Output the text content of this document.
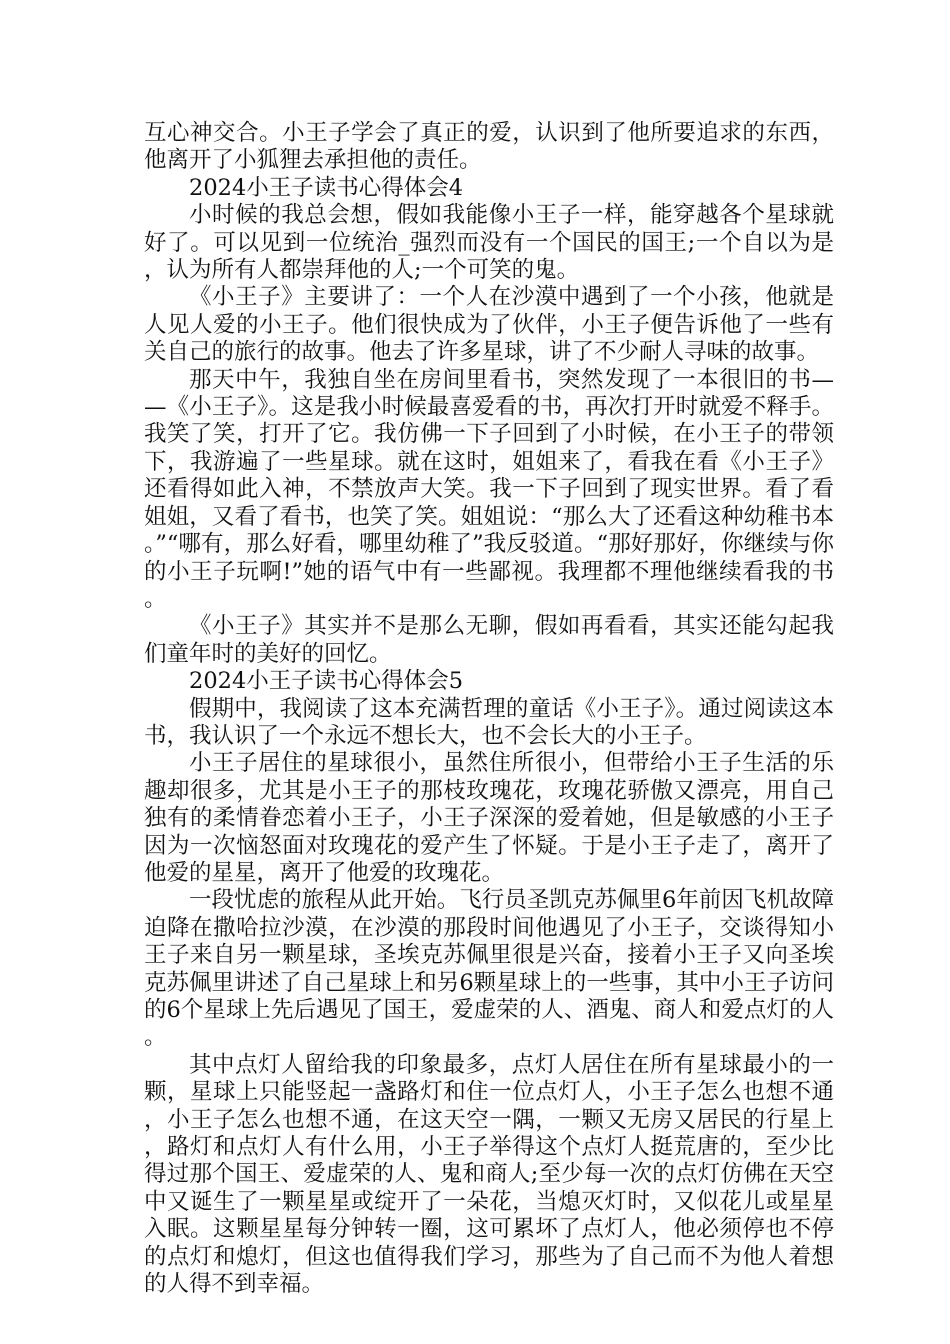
互心神交合。小王子学会了真正的爱，认识到了他所要追求的东西，他离开了小狐狸去承担他的责任。

2024小王子读书心得体会4

小时候的我总会想，假如我能像小王子一样，能穿越各个星球就好了。可以见到一位统治_强烈而没有一个国民的国王;一个自以为是，认为所有人都崇拜他的人;一个可笑的鬼。

《小王子》主要讲了：一个人在沙漠中遇到了一个小孩，他就是人见人爱的小王子。他们很快成为了伙伴，小王子便告诉他了一些有关自己的旅行的故事。他去了许多星球，讲了不少耐人寻味的故事。

那天中午，我独自坐在房间里看书，突然发现了一本很旧的书——《小王子》。这是我小时候最喜爱看的书，再次打开时就爱不释手。我笑了笑，打开了它。我仿佛一下子回到了小时候，在小王子的带领下，我游遍了一些星球。就在这时，姐姐来了，看我在看《小王子》还看得如此入神，不禁放声大笑。我一下子回到了现实世界。看了看姐姐，又看了看书，也笑了笑。姐姐说：“那么大了还看这种幼稚书本。”“哪有，那么好看，哪里幼稚了”我反驳道。“那好那好，你继续与你的小王子玩啊!”她的语气中有一些鄙视。我理都不理他继续看我的书。

《小王子》其实并不是那么无聊，假如再看看，其实还能勾起我们童年时的美好的回忆。

2024小王子读书心得体会5

假期中，我阅读了这本充满哲理的童话《小王子》。通过阅读这本书，我认识了一个永远不想长大，也不会长大的小王子。

小王子居住的星球很小，虽然住所很小，但带给小王子生活的乐趣却很多，尤其是小王子的那枝玫瑰花，玫瑰花骄傲又漂亮，用自己独有的柔情眷恋着小王子，小王子深深的爱着她，但是敏感的小王子因为一次恼怒面对玫瑰花的爱产生了怀疑。于是小王子走了，离开了他爱的星星，离开了他爱的玫瑰花。

一段忧虑的旅程从此开始。飞行员圣凯克苏佩里6年前因飞机故障迫降在撒哈拉沙漠，在沙漠的那段时间他遇见了小王子，交谈得知小王子来自另一颗星球，圣埃克苏佩里很是兴奋，接着小王子又向圣埃克苏佩里讲述了自己星球上和另6颗星球上的一些事，其中小王子访问的6个星球上先后遇见了国王，爱虚荣的人、酒鬼、商人和爱点灯的人。

其中点灯人留给我的印象最多，点灯人居住在所有星球最小的一颗，星球上只能竖起一盏路灯和住一位点灯人，小王子怎么也想不通，小王子怎么也想不通，在这天空一隅，一颗又无房又居民的行星上，路灯和点灯人有什么用，小王子举得这个点灯人挺荒唐的，至少比得过那个国王、爱虚荣的人、鬼和商人;至少每一次的点灯仿佛在天空中又诞生了一颗星星或绽开了一朵花，当熄灭灯时，又似花儿或星星入眠。这颗星星每分钟转一圈，这可累坏了点灯人，他必须停也不停的点灯和熄灯，但这也值得我们学习，那些为了自己而不为他人着想的人得不到幸福。
